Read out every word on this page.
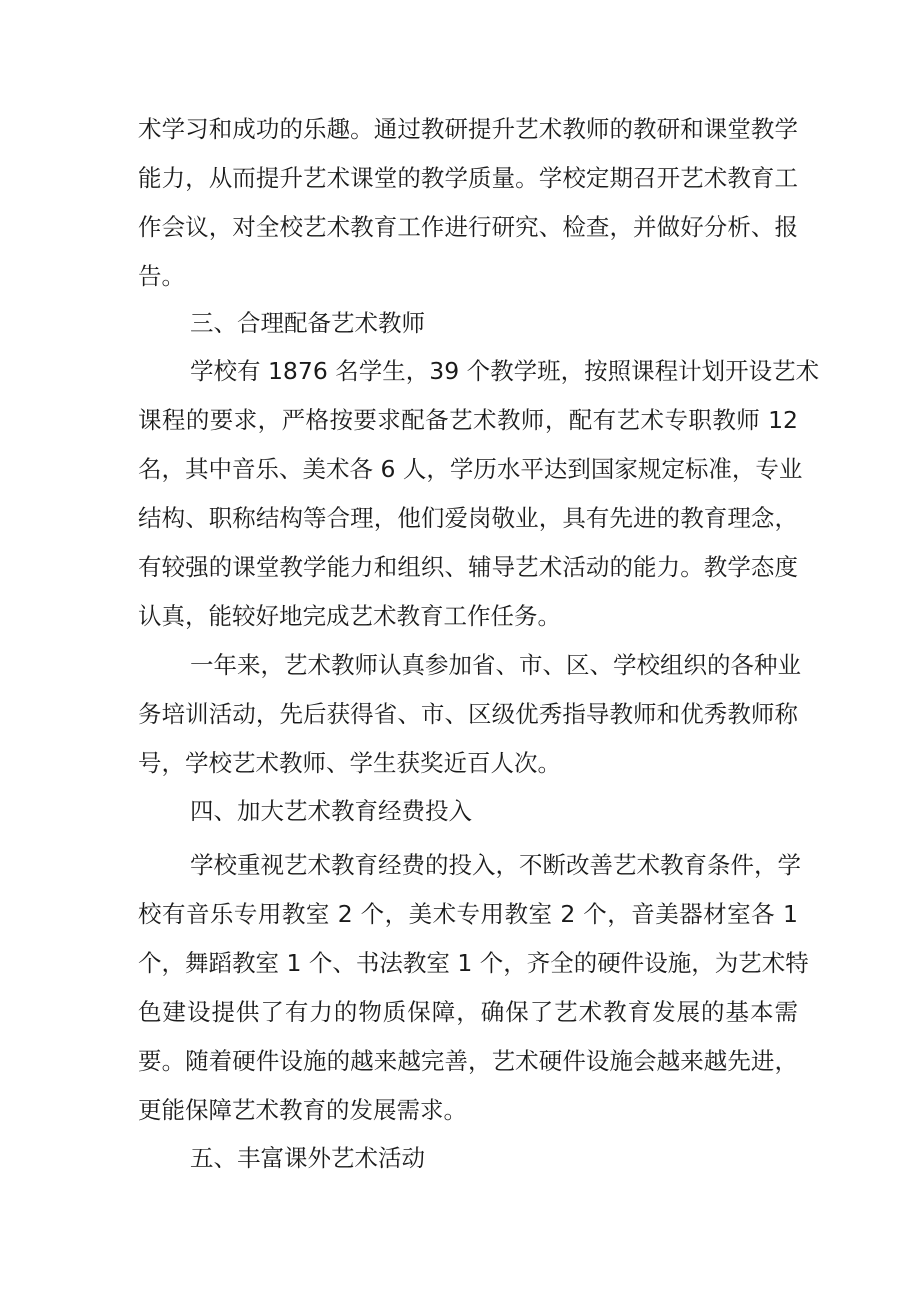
术学习和成功的乐趣。通过教研提升艺术教师的教研和课堂教学
能力，从而提升艺术课堂的教学质量。学校定期召开艺术教育工
作会议，对全校艺术教育工作进行研究、检查，并做好分析、报
告。
三、合理配备艺术教师
学校有 1876 名学生，39 个教学班，按照课程计划开设艺术
课程的要求，严格按要求配备艺术教师，配有艺术专职教师 12
名，其中音乐、美术各 6 人，学历水平达到国家规定标准，专业
结构、职称结构等合理，他们爱岗敬业，具有先进的教育理念，
有较强的课堂教学能力和组织、辅导艺术活动的能力。教学态度
认真，能较好地完成艺术教育工作任务。
一年来，艺术教师认真参加省、市、区、学校组织的各种业
务培训活动，先后获得省、市、区级优秀指导教师和优秀教师称
号，学校艺术教师、学生获奖近百人次。
四、加大艺术教育经费投入
学校重视艺术教育经费的投入，不断改善艺术教育条件，学
校有音乐专用教室 2 个，美术专用教室 2 个，音美器材室各 1
个，舞蹈教室 1 个、书法教室 1 个，齐全的硬件设施，为艺术特
色建设提供了有力的物质保障，确保了艺术教育发展的基本需
要。随着硬件设施的越来越完善，艺术硬件设施会越来越先进，
更能保障艺术教育的发展需求。
五、丰富课外艺术活动
